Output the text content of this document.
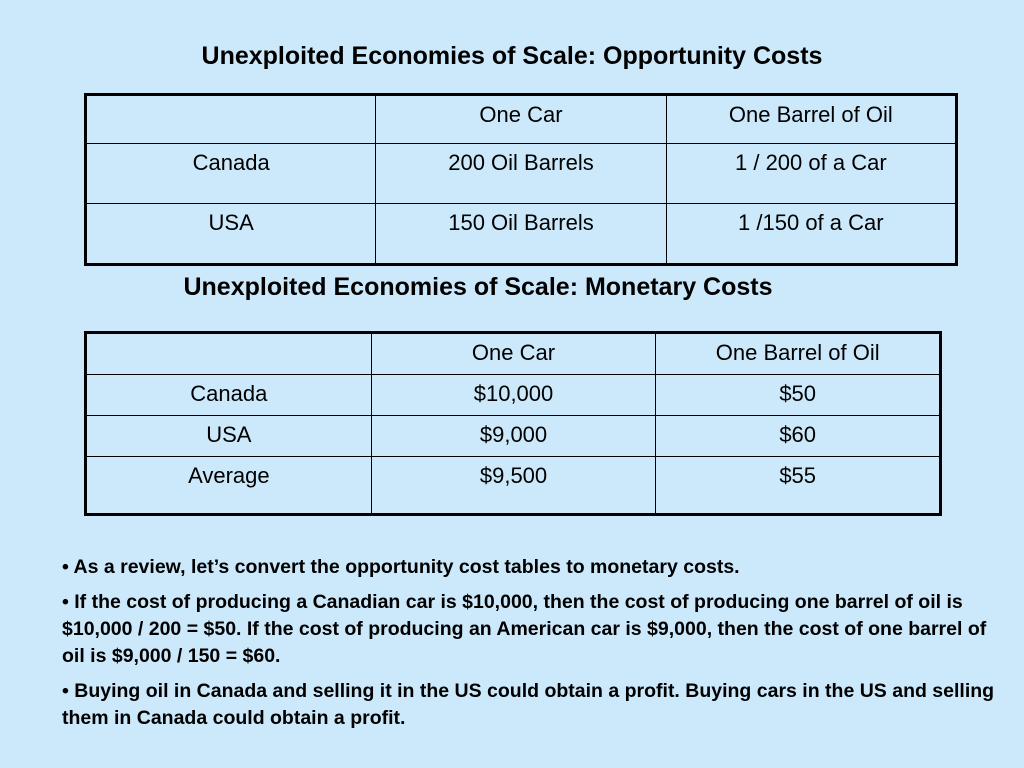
Unexploited Economies of Scale: Opportunity Costs
	One Car	One Barrel of Oil
Canada	200 Oil Barrels	1 / 200 of a Car
USA	150 Oil Barrels	1 /150 of a Car
Unexploited Economies of Scale: Monetary Costs
	One Car	One Barrel of Oil
Canada	$10,000	$50
USA	$9,000	$60
Average	$9,500	$55

• As a review, let’s convert the opportunity cost tables to monetary costs.

• If the cost of producing a Canadian car is $10,000, then the cost of producing one barrel of oil is $10,000 / 200 = $50. If the cost of producing an American car is $9,000, then the cost of one barrel of oil is $9,000 / 150 = $60.

• Buying oil in Canada and selling it in the US could obtain a profit. Buying cars in the US and selling them in Canada could obtain a profit.
